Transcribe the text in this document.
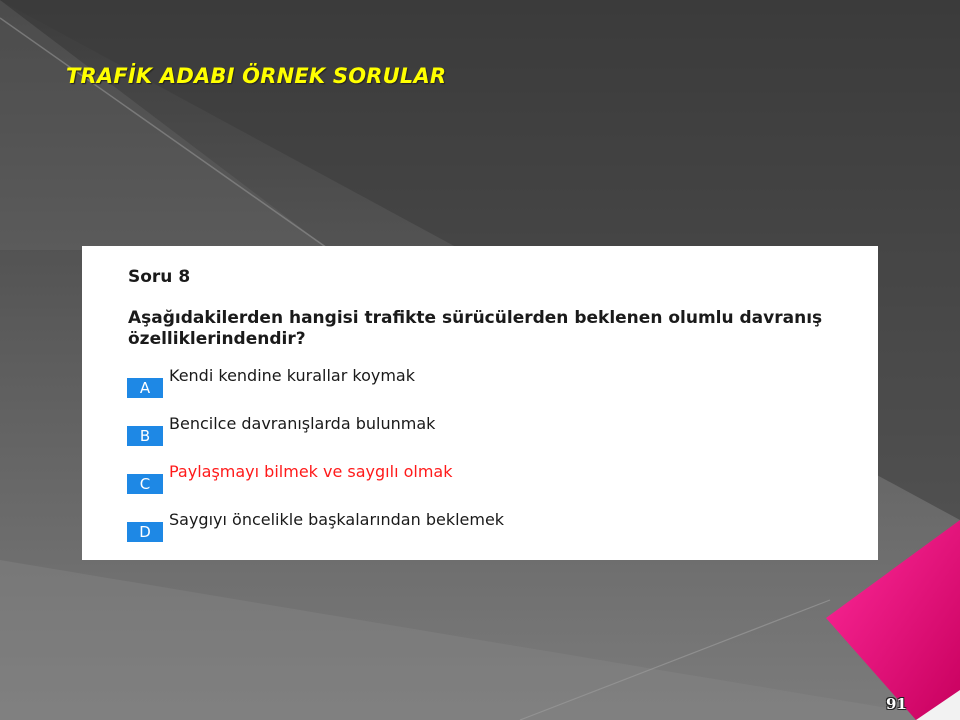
TRAFİK ADABI ÖRNEK SORULAR
Soru 8

Aşağıdakilerden hangisi trafikte sürücülerden beklenen olumlu davranış özelliklerindendir?

A
Kendi kendine kurallar koymak
B
Bencilce davranışlarda bulunmak
C
Paylaşmayı bilmek ve saygılı olmak
D
Saygıyı öncelikle başkalarından beklemek
91
